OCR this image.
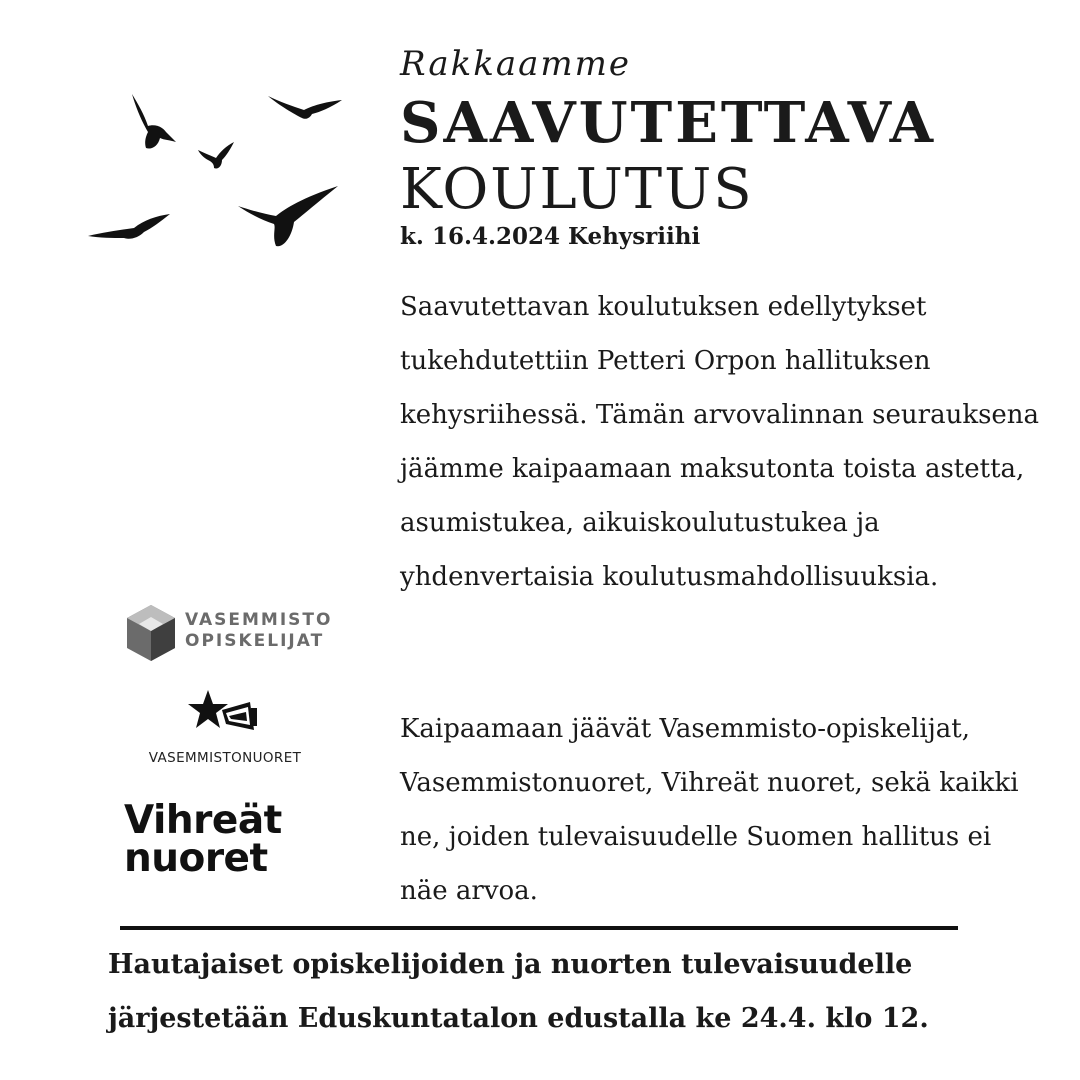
Rakkaamme

SAAVUTETTAVA
KOULUTUS

k. 16.4.2024 Kehysriihi

Saavutettavan koulutuksen edellytykset tukehdutettiin Petteri Orpon hallituksen kehysriihessä. Tämän arvovalinnan seurauksena jäämme kaipaamaan maksutonta toista astetta, asumistukea, aikuiskoulutustukea ja yhdenvertaisia koulutusmahdollisuuksia.

Kaipaamaan jäävät Vasemmisto-opiskelijat, Vasemmistonuoret, Vihreät nuoret, sekä kaikki ne, joiden tulevaisuudelle Suomen hallitus ei näe arvoa.

VASEMMISTO
OPISKELIJAT
VASEMMISTONUORET
Vihreät
nuoret

Hautajaiset opiskelijoiden ja nuorten tulevaisuudelle järjestetään Eduskuntatalon edustalla ke 24.4. klo 12.
